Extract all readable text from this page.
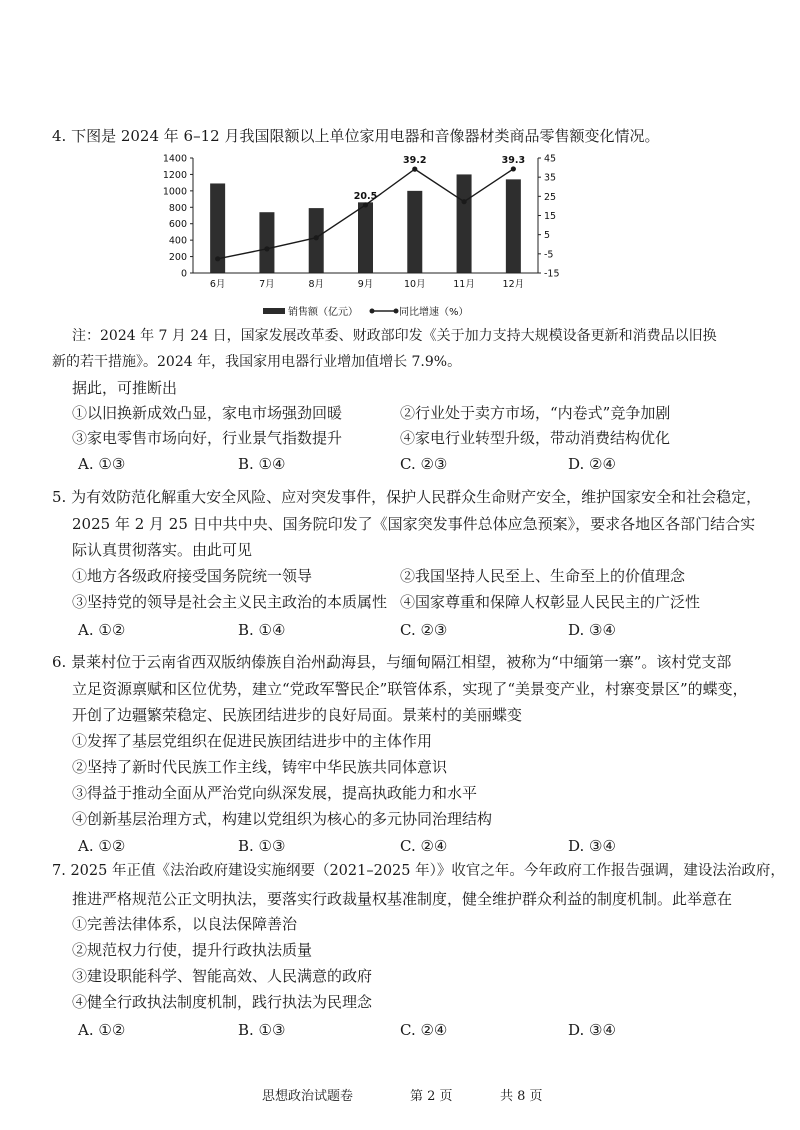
4. 下图是 2024 年 6–12 月我国限额以上单位家用电器和音像器材类商品零售额变化情况。
0
200
400
600
800
1000
1200
1400
-15
-5
5
15
25
35
45
6月	7月	8月	9月	10月	11月	12月
20.5
39.2	39.3
销售额（亿元）	同比增速（%）
注：2024 年 7 月 24 日，国家发展改革委、财政部印发《关于加力支持大规模设备更新和消费品以旧换
新的若干措施》。2024 年，我国家用电器行业增加值增长 7.9%。
据此，可推断出
①以旧换新成效凸显，家电市场强劲回暖	②行业处于卖方市场，“内卷式”竞争加剧
③家电零售市场向好，行业景气指数提升	④家电行业转型升级，带动消费结构优化
A. ①③	B. ①④	C. ②③	D. ②④
5. 为有效防范化解重大安全风险、应对突发事件，保护人民群众生命财产安全，维护国家安全和社会稳定，
2025 年 2 月 25 日中共中央、国务院印发了《国家突发事件总体应急预案》，要求各地区各部门结合实
际认真贯彻落实。由此可见
①地方各级政府接受国务院统一领导	②我国坚持人民至上、生命至上的价值理念
③坚持党的领导是社会主义民主政治的本质属性 ④国家尊重和保障人权彰显人民民主的广泛性
A. ①②	B. ①④	C. ②③	D. ③④
6. 景莱村位于云南省西双版纳傣族自治州勐海县，与缅甸隔江相望，被称为“中缅第一寨”。该村党支部
立足资源禀赋和区位优势，建立“党政军警民企”联管体系，实现了“美景变产业，村寨变景区”的蝶变，
开创了边疆繁荣稳定、民族团结进步的良好局面。景莱村的美丽蝶变
①发挥了基层党组织在促进民族团结进步中的主体作用
②坚持了新时代民族工作主线，铸牢中华民族共同体意识
③得益于推动全面从严治党向纵深发展，提高执政能力和水平
④创新基层治理方式，构建以党组织为核心的多元协同治理结构
A. ①②	B. ①③	C. ②④	D. ③④
7. 2025 年正值《法治政府建设实施纲要（2021–2025 年）》收官之年。今年政府工作报告强调，建设法治政府，
推进严格规范公正文明执法，要落实行政裁量权基准制度，健全维护群众利益的制度机制。此举意在
①完善法律体系，以良法保障善治
②规范权力行使，提升行政执法质量
③建设职能科学、智能高效、人民满意的政府
④健全行政执法制度机制，践行执法为民理念
A. ①②	B. ①③	C. ②④	D. ③④
思想政治试题卷	第 2 页	共 8 页
